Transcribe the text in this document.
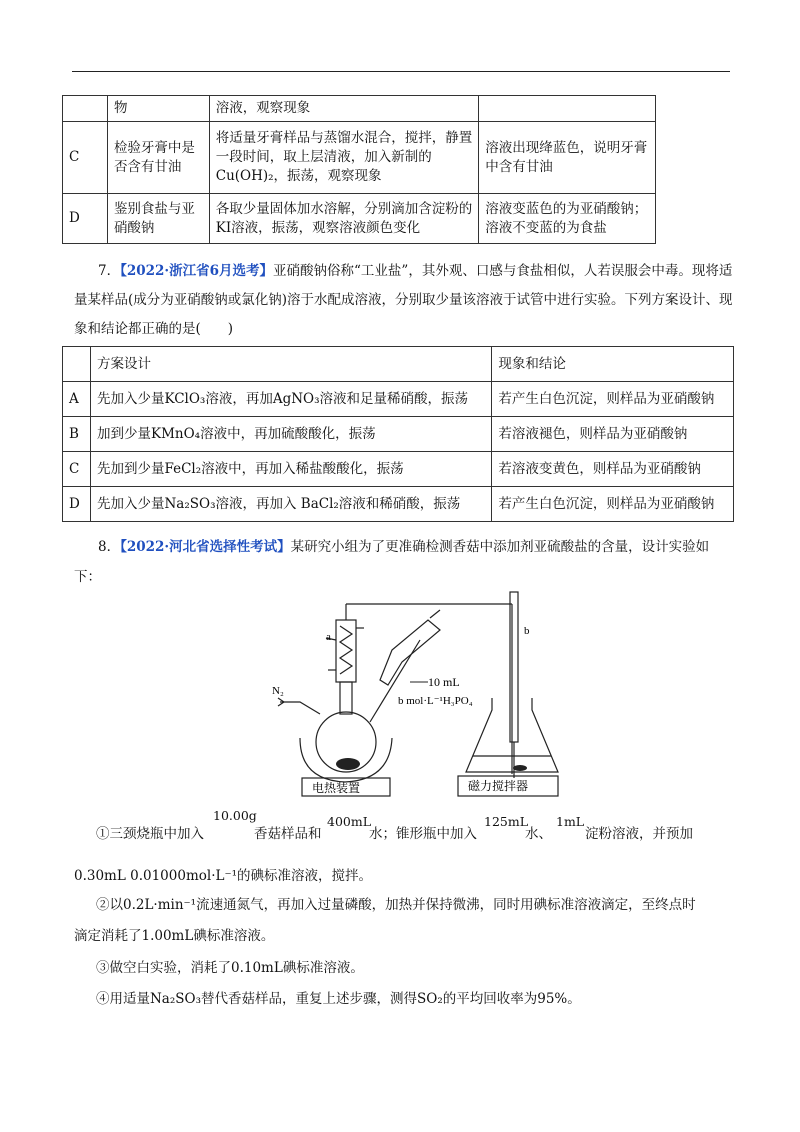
	物	溶液，观察现象	
C	检验牙膏中是否含有甘油	将适量牙膏样品与蒸馏水混合，搅拌，静置一段时间，取上层清液，加入新制的Cu(OH)₂，振荡，观察现象	溶液出现绛蓝色，说明牙膏中含有甘油
D	鉴别食盐与亚硝酸钠	各取少量固体加水溶解，分别滴加含淀粉的KI溶液，振荡，观察溶液颜色变化	溶液变蓝色的为亚硝酸钠；溶液不变蓝的为食盐
7．【2022·浙江省6月选考】亚硝酸钠俗称“工业盐”，其外观、口感与食盐相似，人若误服会中毒。现将适量某样品(成分为亚硝酸钠或氯化钠)溶于水配成溶液，分别取少量该溶液于试管中进行实验。下列方案设计、现象和结论都正确的是(　　)
	方案设计	现象和结论
A	先加入少量KClO₃溶液，再加AgNO₃溶液和足量稀硝酸，振荡	若产生白色沉淀，则样品为亚硝酸钠
B	加到少量KMnO₄溶液中，再加硫酸酸化，振荡	若溶液褪色，则样品为亚硝酸钠
C	先加到少量FeCl₂溶液中，再加入稀盐酸酸化，振荡	若溶液变黄色，则样品为亚硝酸钠
D	先加入少量Na₂SO₃溶液，再加入 BaCl₂溶液和稀硝酸，振荡	若产生白色沉淀，则样品为亚硝酸钠
8．【2022·河北省选择性考试】某研究小组为了更准确检测香菇中添加剂亚硫酸盐的含量，设计实验如下：
a	b
N₂
10 mL
b mol·L⁻¹H₃PO₄
电热装置	磁力搅拌器
①三颈烧瓶中加入
10.00g
香菇样品和
400mL
水；锥形瓶中加入
125mL
水、
1mL
淀粉溶液，并预加
0.30mL 0.01000mol·L⁻¹的碘标准溶液，搅拌。
②以0.2L·min⁻¹流速通氮气，再加入过量磷酸，加热并保持微沸，同时用碘标准溶液滴定，至终点时
滴定消耗了1.00mL碘标准溶液。
③做空白实验，消耗了0.10mL碘标准溶液。
④用适量Na₂SO₃替代香菇样品，重复上述步骤，测得SO₂的平均回收率为95%。
